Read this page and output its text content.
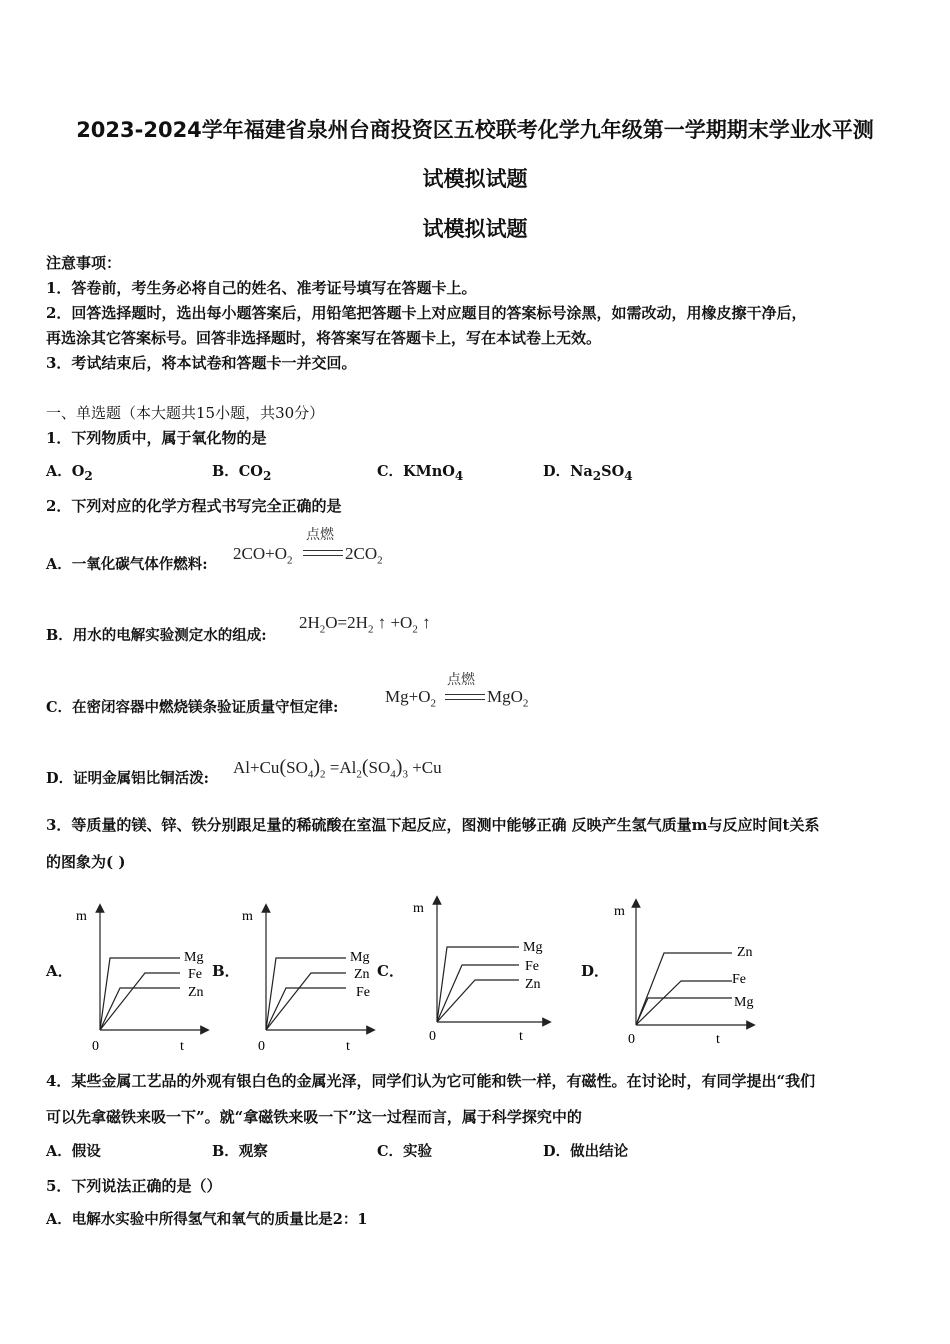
2023-2024学年福建省泉州台商投资区五校联考化学九年级第一学期期末学业水平测
试模拟试题
试模拟试题
注意事项：
1．答卷前，考生务必将自己的姓名、准考证号填写在答题卡上。
2．回答选择题时，选出每小题答案后，用铅笔把答题卡上对应题目的答案标号涂黑，如需改动，用橡皮擦干净后，
再选涂其它答案标号。回答非选择题时，将答案写在答题卡上，写在本试卷上无效。
3．考试结束后，将本试卷和答题卡一并交回。
一、单选题（本大题共15小题，共30分）
1．下列物质中，属于氧化物的是
A．$O_2$	B．$CO_2$	C．KMnO$_4$	D．$Na_2SO_4$
2．下列对应的化学方程式书写完全正确的是
A．一氧化碳气体作燃料:
$2CO+O_2$
点燃
$2CO_2$
B．用水的电解实验测定水的组成:
$2H_2O=2H_2$ ↑ $+O_2$ ↑
C．在密闭容器中燃烧镁条验证质量守恒定律:
$Mg+O_2$
点燃
MgO$_2$
D．证明金属铝比铜活泼:
$Al+Cu(SO_4)_2 =Al_2(SO_4)_3 +Cu$
3．等质量的镁、锌、铁分别跟足量的稀硫酸在室温下起反应，图测中能够正确 反映产生氢气质量m与反应时间t关系
的图象为( )
A．	B．	C．	D．
m
t
0
Mg
Fe
Zn
m
t
0
Mg
Zn
Fe
m
t
0
Mg
Fe
Zn
m
t
0
Zn
Fe
Mg
4．某些金属工艺品的外观有银白色的金属光泽，同学们认为它可能和铁一样，有磁性。在讨论时，有同学提出“我们
可以先拿磁铁来吸一下”。就“拿磁铁来吸一下”这一过程而言，属于科学探究中的
A．假设	B．观察	C．实验	D．做出结论
5．下列说法正确的是（）
A．电解水实验中所得氢气和氧气的质量比是2：1
